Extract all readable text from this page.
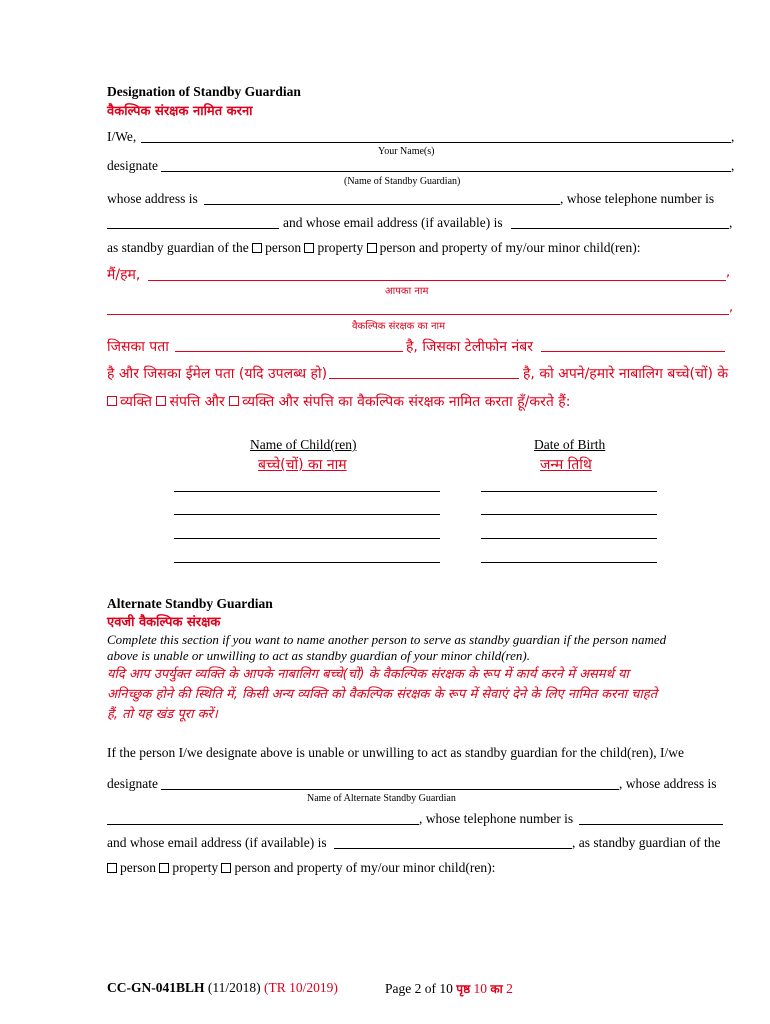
Designation of Standby Guardian
वैकल्पिक संरक्षक नामित करना
I/We,	,
Your Name(s)
designate	,
(Name of Standby Guardian)
whose address is	, whose telephone number is
and whose email address (if available) is	,
as standby guardian of the person property person and property of my/our minor child(ren):
मैं/हम,	,
आपका नाम
,
वैकल्पिक संरक्षक का नाम
जिसका पता	है, जिसका टेलीफोन नंबर
है और जिसका ईमेल पता (यदि उपलब्ध हो)	है, को अपने/हमारे नाबालिग बच्चे(चों) के
व्यक्ति संपत्ति और व्यक्ति और संपत्ति का वैकल्पिक संरक्षक नामित करता हूँ/करते हैं:
Name of Child(ren)
बच्चे(चों) का नाम
Date of Birth
जन्म तिथि
Alternate Standby Guardian
एवजी वैकल्पिक संरक्षक
Complete this section if you want to name another person to serve as standby guardian if the person named
above is unable or unwilling to act as standby guardian of your minor child(ren).
यदि आप उपर्युक्त व्यक्ति के आपके नाबालिग बच्चे(चों) के वैकल्पिक संरक्षक के रूप में कार्य करने में असमर्थ या
अनिच्छुक होने की स्थिति में, किसी अन्य व्यक्ति को वैकल्पिक संरक्षक के रूप में सेवाएं देने के लिए नामित करना चाहते
हैं, तो यह खंड पूरा करें।
If the person I/we designate above is unable or unwilling to act as standby guardian for the child(ren), I/we
designate	, whose address is
Name of Alternate Standby Guardian
, whose telephone number is
and whose email address (if available) is	, as standby guardian of the
person property person and property of my/our minor child(ren):
CC-GN-041BLH (11/2018) (TR 10/2019)	Page 2 of 10 पृष्ठ 10 का 2
